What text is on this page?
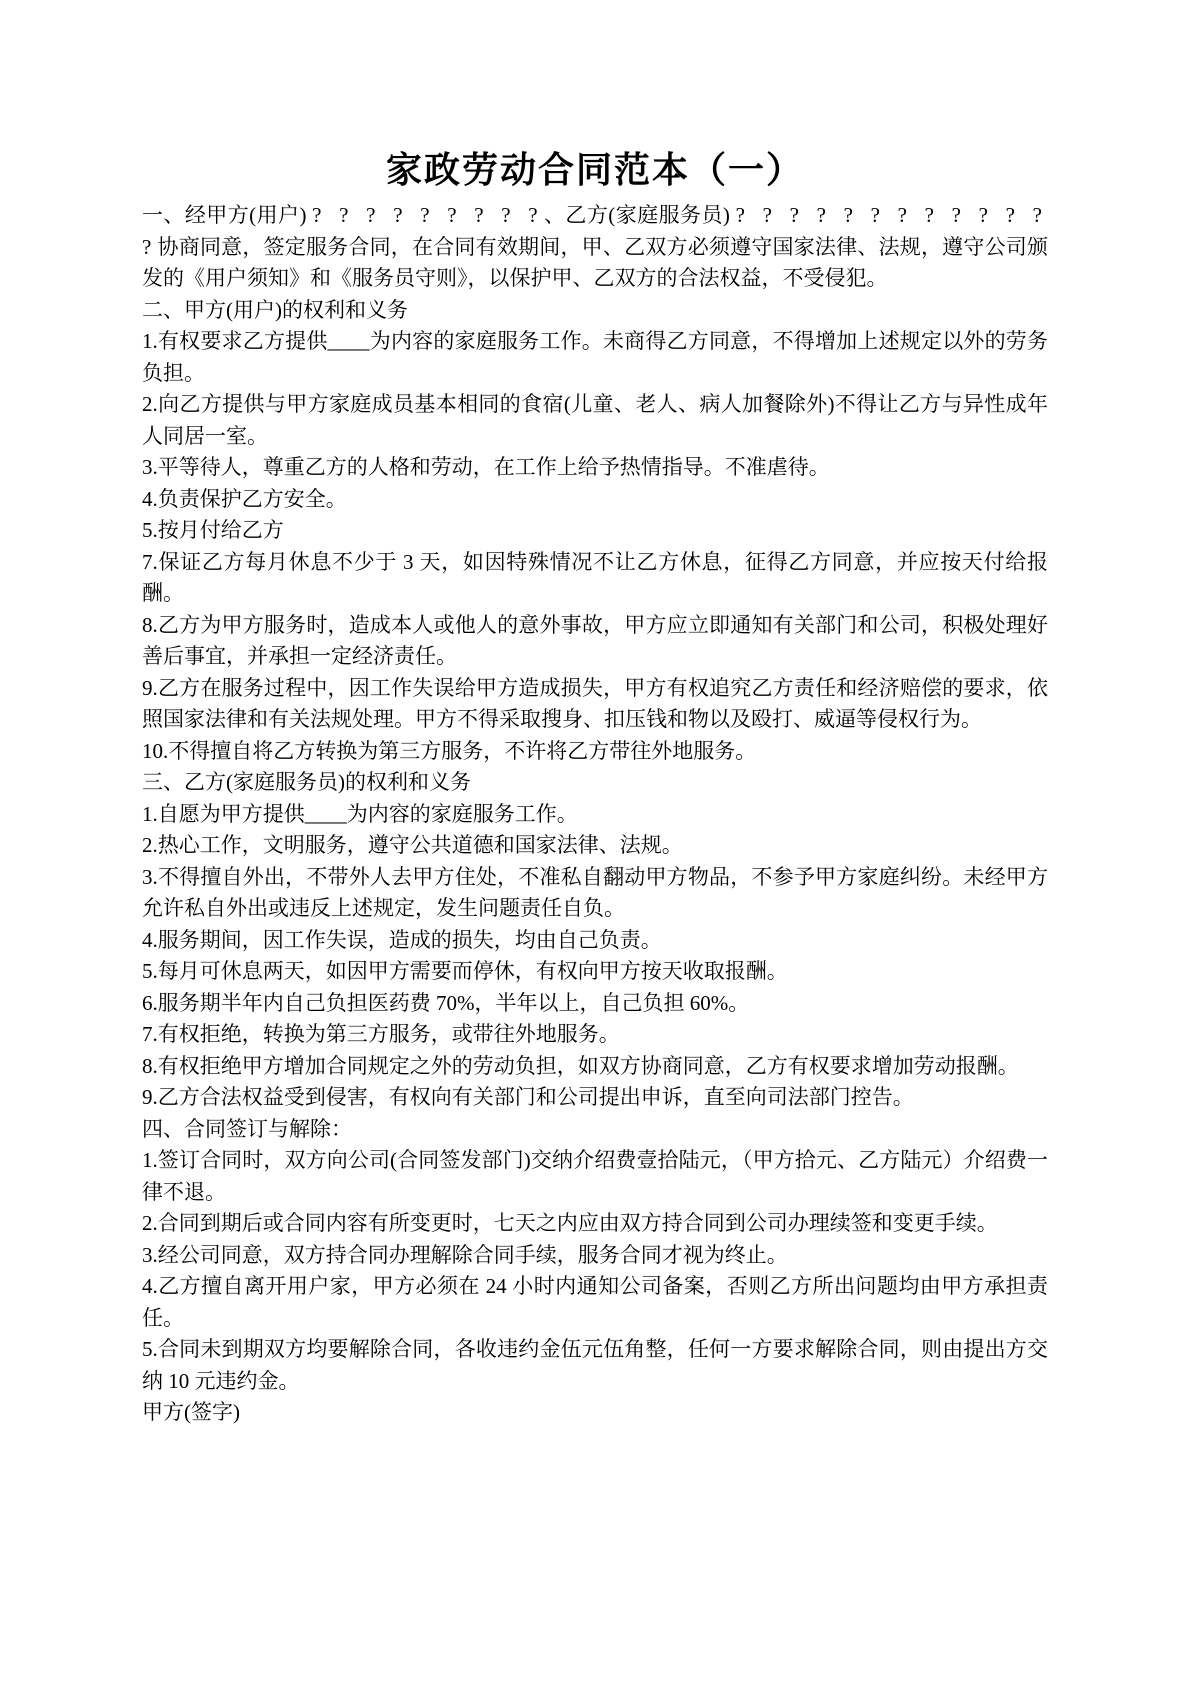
家政劳动合同范本（一）

一、经甲方(用户) ? ? ? ? ? ? ? ? ?、乙方(家庭服务员) ? ? ? ? ? ? ? ? ? ? ? ? ?协商同意，签定服务合同，在合同有效期间，甲、乙双方必须遵守国家法律、法规，遵守公司颁发的《用户须知》和《服务员守则》，以保护甲、乙双方的合法权益，不受侵犯。

二、甲方(用户)的权利和义务

1.有权要求乙方提供____为内容的家庭服务工作。未商得乙方同意，不得增加上述规定以外的劳务负担。

2.向乙方提供与甲方家庭成员基本相同的食宿(儿童、老人、病人加餐除外)不得让乙方与异性成年人同居一室。

3.平等待人，尊重乙方的人格和劳动，在工作上给予热情指导。不准虐待。

4.负责保护乙方安全。

5.按月付给乙方

7.保证乙方每月休息不少于 3 天，如因特殊情况不让乙方休息，征得乙方同意，并应按天付给报酬。

8.乙方为甲方服务时，造成本人或他人的意外事故，甲方应立即通知有关部门和公司，积极处理好善后事宜，并承担一定经济责任。

9.乙方在服务过程中，因工作失误给甲方造成损失，甲方有权追究乙方责任和经济赔偿的要求，依照国家法律和有关法规处理。甲方不得采取搜身、扣压钱和物以及殴打、威逼等侵权行为。

10.不得擅自将乙方转换为第三方服务，不许将乙方带往外地服务。

三、乙方(家庭服务员)的权利和义务

1.自愿为甲方提供____为内容的家庭服务工作。

2.热心工作，文明服务，遵守公共道德和国家法律、法规。

3.不得擅自外出，不带外人去甲方住处，不准私自翻动甲方物品，不参予甲方家庭纠纷。未经甲方允许私自外出或违反上述规定，发生问题责任自负。

4.服务期间，因工作失误，造成的损失，均由自己负责。

5.每月可休息两天，如因甲方需要而停休，有权向甲方按天收取报酬。

6.服务期半年内自己负担医药费 70%，半年以上，自己负担 60%。

7.有权拒绝，转换为第三方服务，或带往外地服务。

8.有权拒绝甲方增加合同规定之外的劳动负担，如双方协商同意，乙方有权要求增加劳动报酬。

9.乙方合法权益受到侵害，有权向有关部门和公司提出申诉，直至向司法部门控告。

四、合同签订与解除：

1.签订合同时，双方向公司(合同签发部门)交纳介绍费壹拾陆元，（甲方拾元、乙方陆元）介绍费一律不退。

2.合同到期后或合同内容有所变更时，七天之内应由双方持合同到公司办理续签和变更手续。

3.经公司同意，双方持合同办理解除合同手续，服务合同才视为终止。

4.乙方擅自离开用户家，甲方必须在 24 小时内通知公司备案，否则乙方所出问题均由甲方承担责任。

5.合同未到期双方均要解除合同，各收违约金伍元伍角整，任何一方要求解除合同，则由提出方交纳 10 元违约金。

甲方(签字)
